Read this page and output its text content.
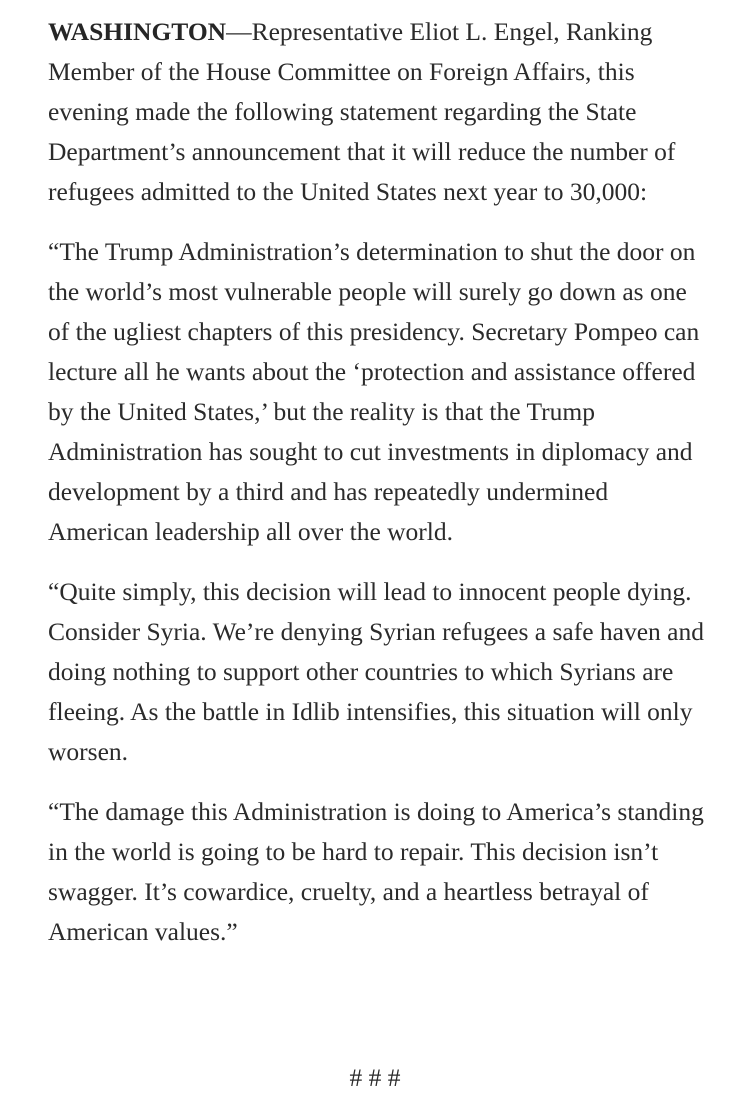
WASHINGTON—Representative Eliot L. Engel, Ranking Member of the House Committee on Foreign Affairs, this evening made the following statement regarding the State Department’s announcement that it will reduce the number of refugees admitted to the United States next year to 30,000:

“The Trump Administration’s determination to shut the door on the world’s most vulnerable people will surely go down as one of the ugliest chapters of this presidency. Secretary Pompeo can lecture all he wants about the ‘protection and assistance offered by the United States,’ but the reality is that the Trump Administration has sought to cut investments in diplomacy and development by a third and has repeatedly undermined American leadership all over the world.

“Quite simply, this decision will lead to innocent people dying. Consider Syria. We’re denying Syrian refugees a safe haven and doing nothing to support other countries to which Syrians are fleeing. As the battle in Idlib intensifies, this situation will only worsen.

“The damage this Administration is doing to America’s standing in the world is going to be hard to repair. This decision isn’t swagger. It’s cowardice, cruelty, and a heartless betrayal of American values.”

# # #
